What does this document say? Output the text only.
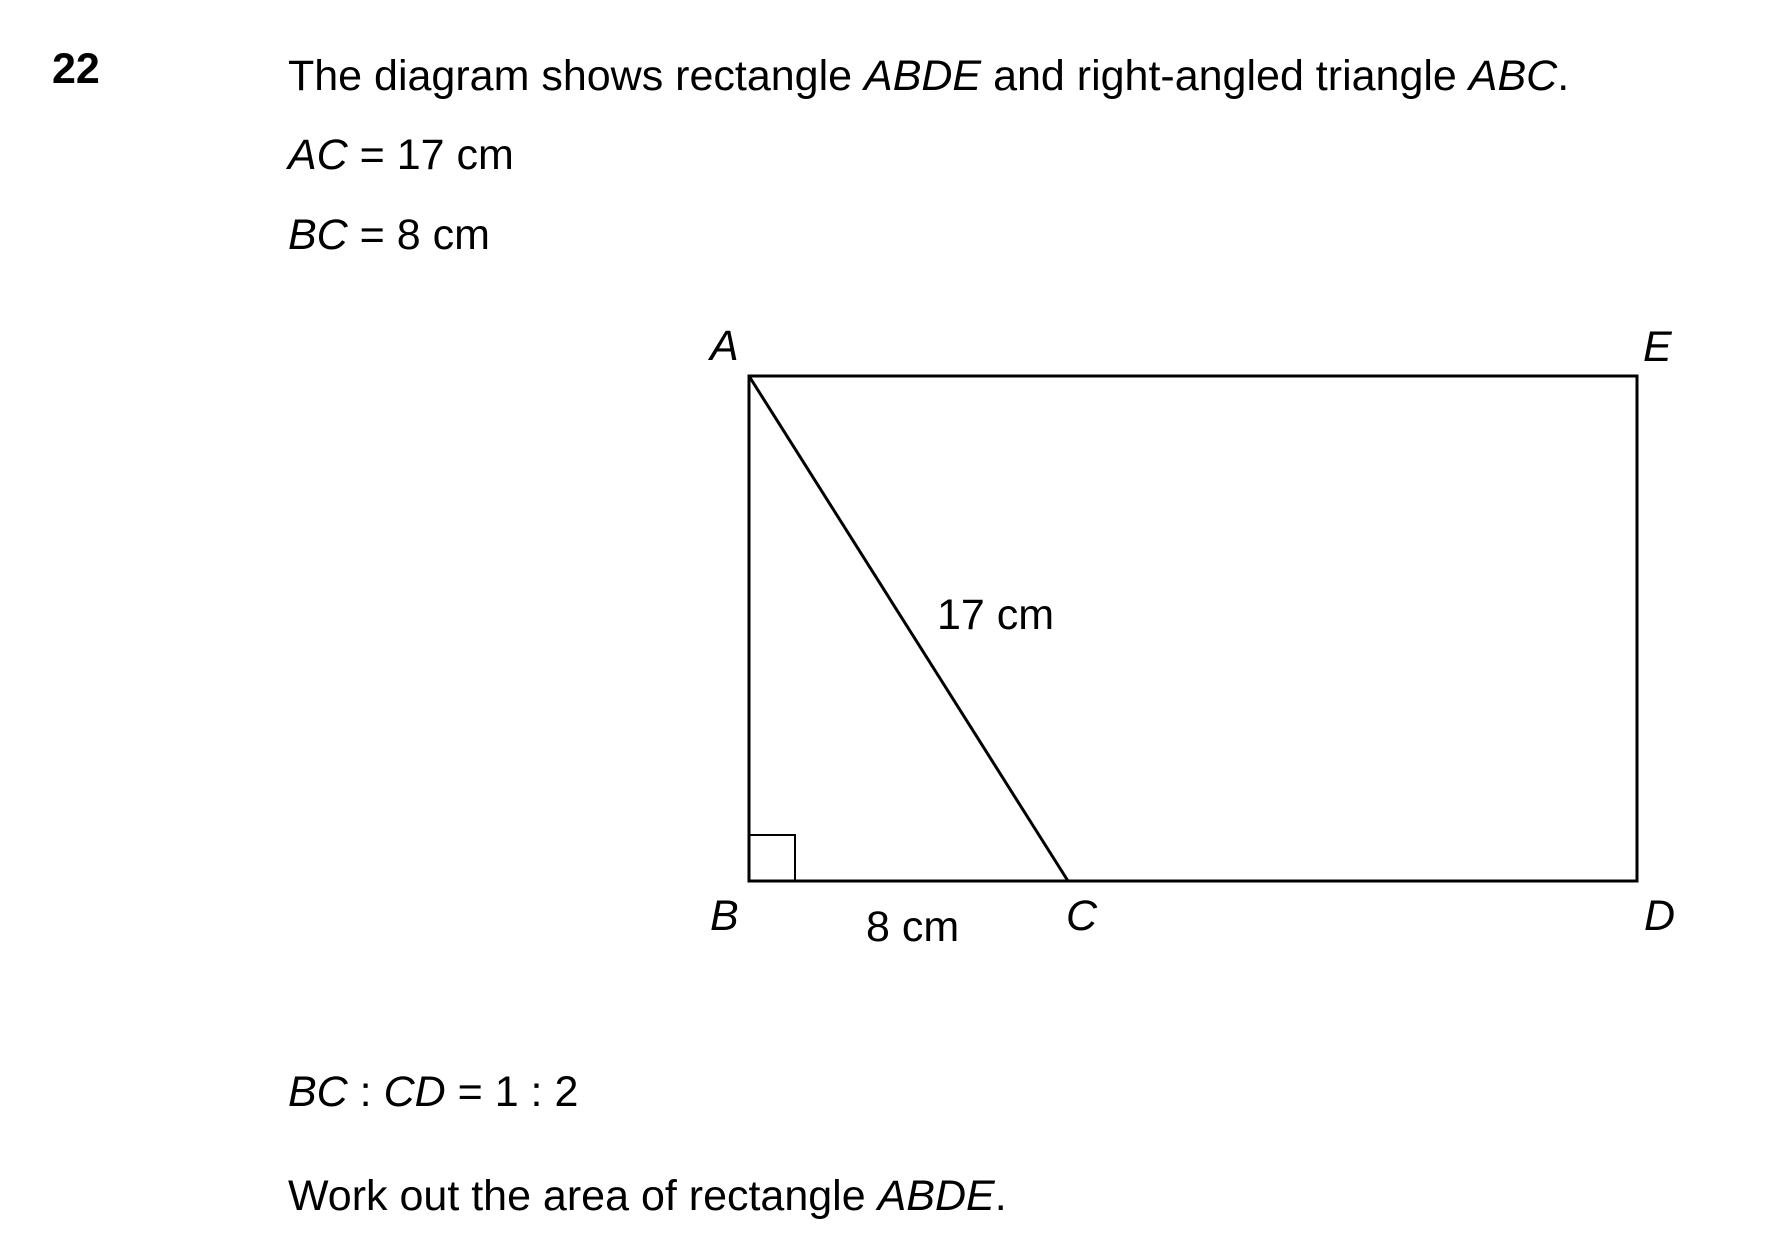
22	The diagram shows rectangle ABDE and right-angled triangle ABC.
AC = 17 cm
BC = 8 cm
A	E
B	C	D
17 cm
8 cm
BC : CD = 1 : 2
Work out the area of rectangle ABDE.
